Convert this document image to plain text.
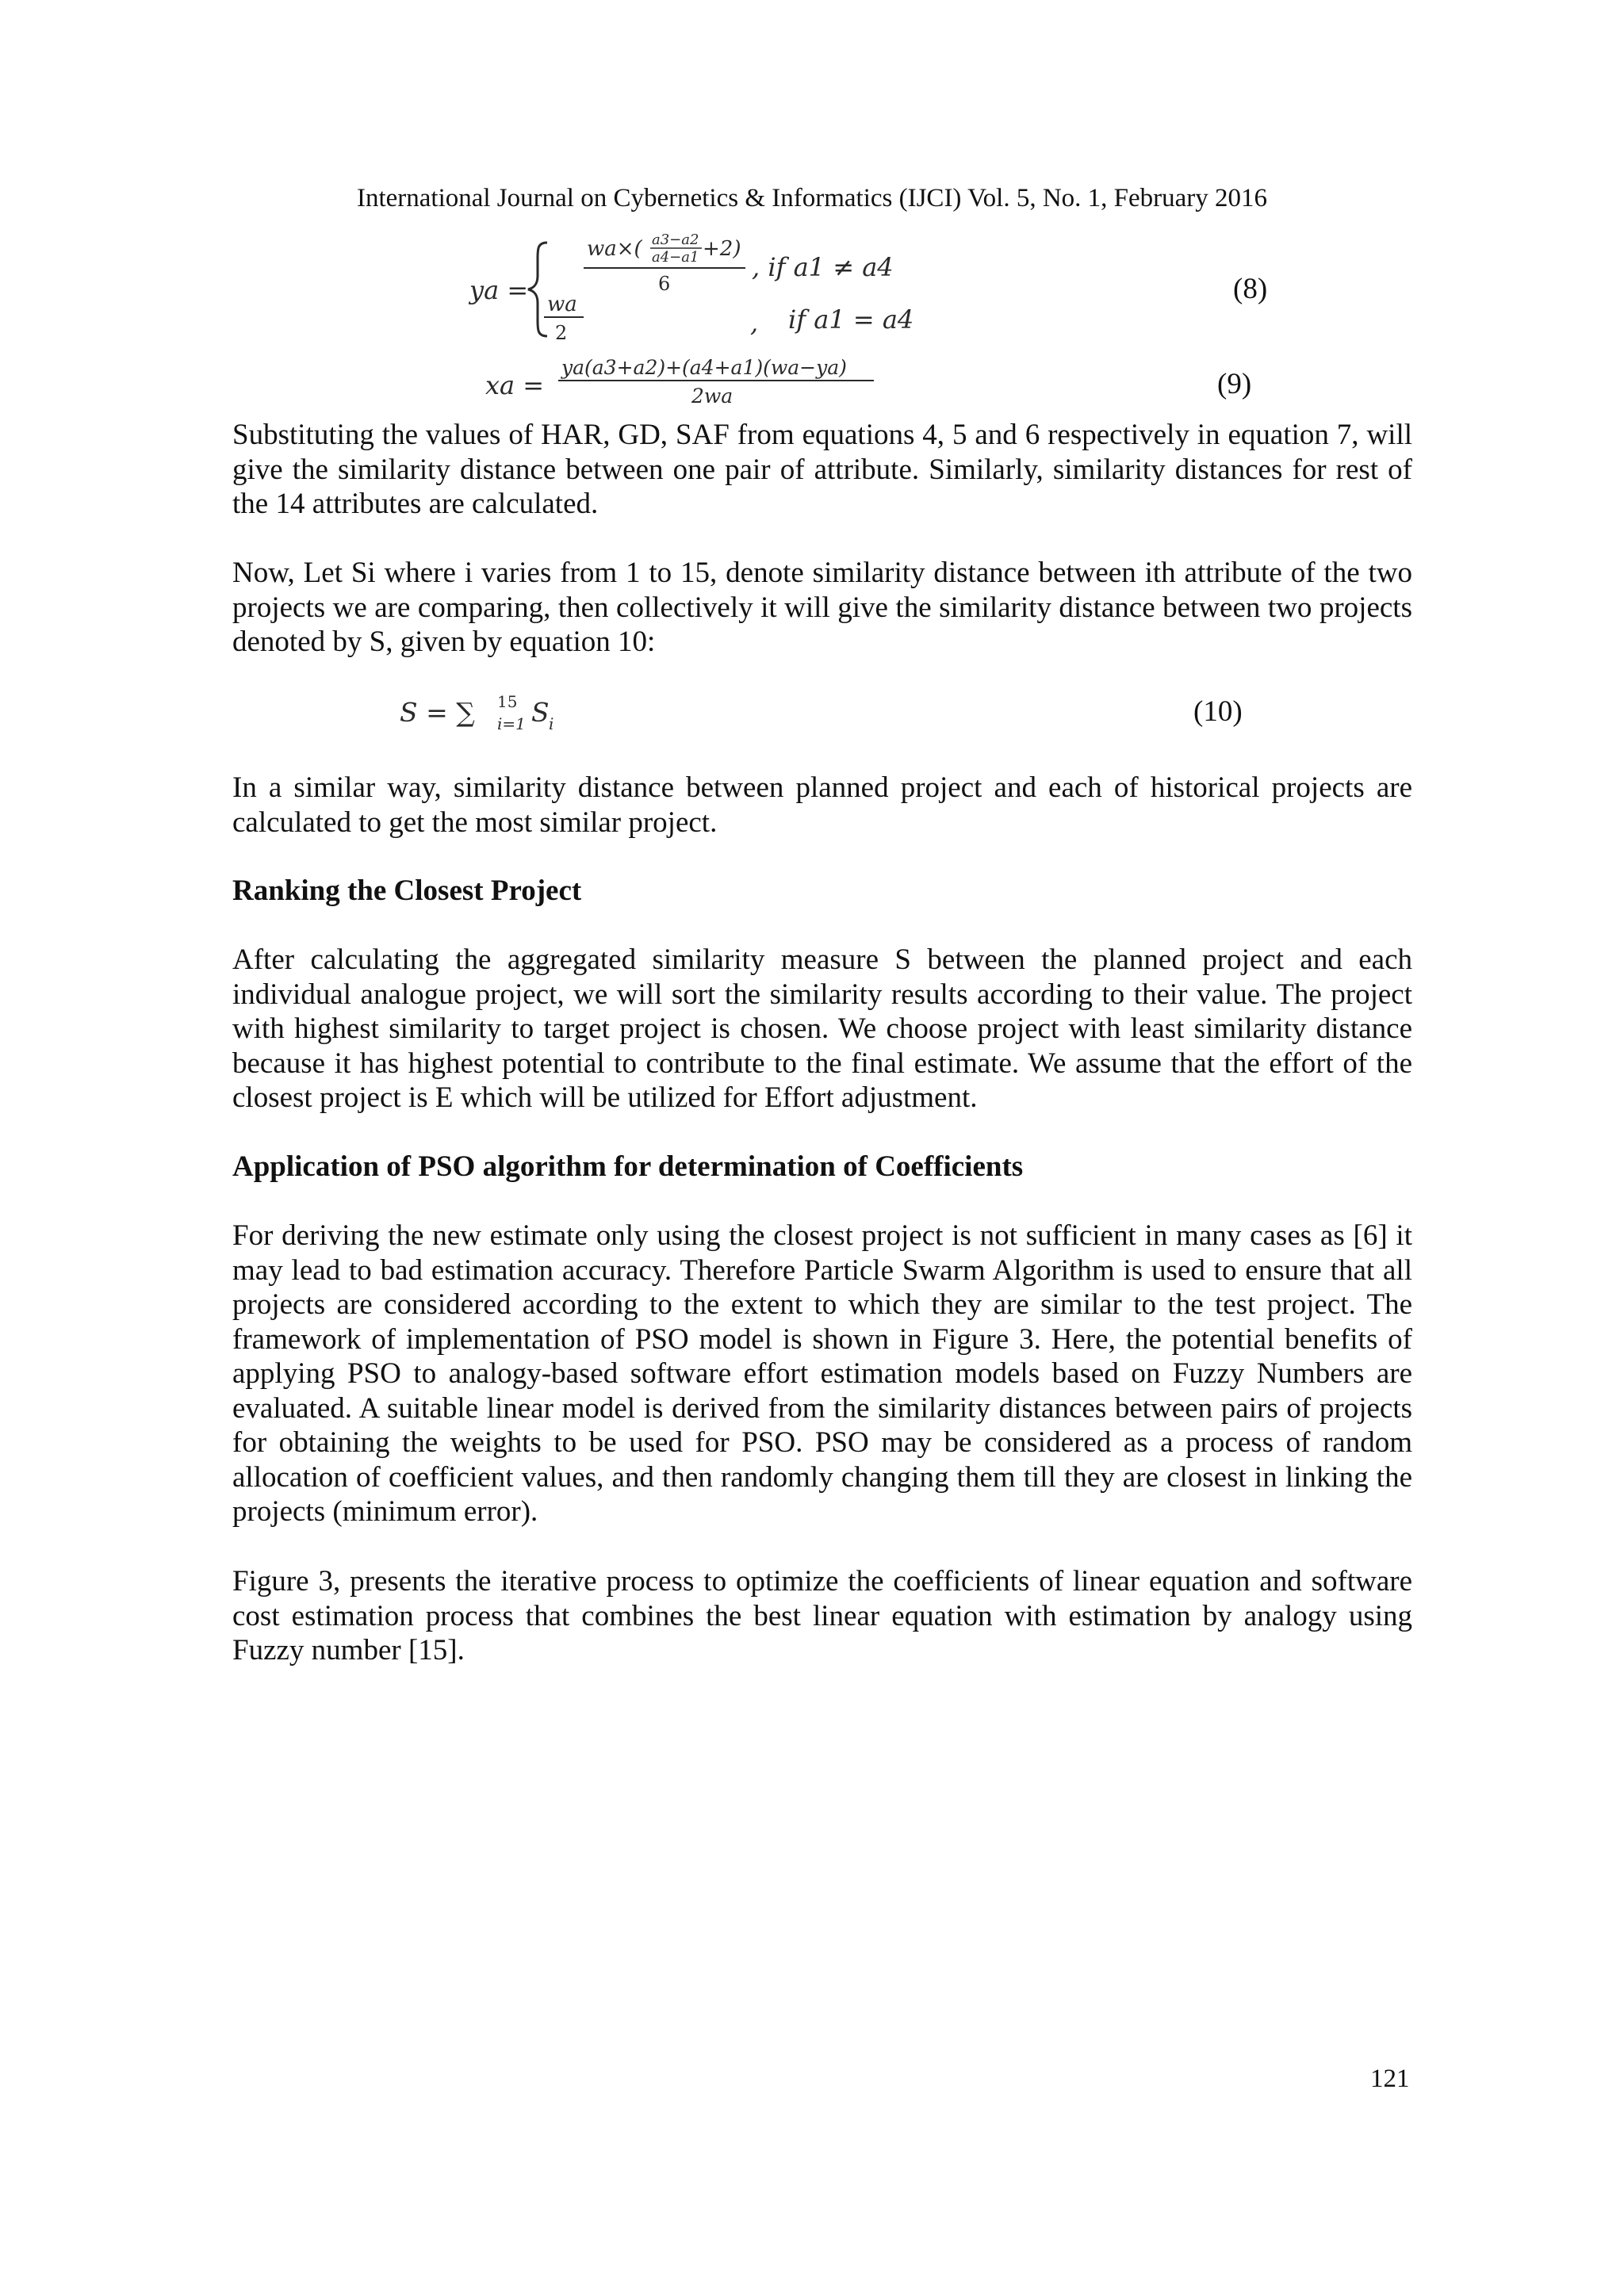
International Journal on Cybernetics & Informatics (IJCI) Vol. 5, No. 1, February 2016
ya =
wa×( a3−a2
a4−a1 +2)
6
, if a1 ≠ a4
wa
2	, if a1 = a4
(8)
xa =
ya(a3+a2)+(a4+a1)(wa−ya)
2wa	(9)
Substituting the values of HAR, GD, SAF from equations 4, 5 and 6 respectively in equation 7, will give the similarity distance between one pair of attribute. Similarly, similarity distances for rest of the 14 attributes are calculated.
Now, Let Si where i varies from 1 to 15, denote similarity distance between ith attribute of the two projects we are comparing, then collectively it will give the similarity distance between two projects denoted by S, given by equation 10:
S = ∑ 15
i=1 S i	(10)
In a similar way, similarity distance between planned project and each of historical projects are calculated to get the most similar project.
Ranking the Closest Project
After calculating the aggregated similarity measure S between the planned project and each individual analogue project, we will sort the similarity results according to their value. The project with highest similarity to target project is chosen. We choose project with least similarity distance because it has highest potential to contribute to the final estimate. We assume that the effort of the closest project is E which will be utilized for Effort adjustment.
Application of PSO algorithm for determination of Coefficients
For deriving the new estimate only using the closest project is not sufficient in many cases as [6] it may lead to bad estimation accuracy. Therefore Particle Swarm Algorithm is used to ensure that all projects are considered according to the extent to which they are similar to the test project. The framework of implementation of PSO model is shown in Figure 3. Here, the potential benefits of applying PSO to analogy-based software effort estimation models based on Fuzzy Numbers are evaluated. A suitable linear model is derived from the similarity distances between pairs of projects for obtaining the weights to be used for PSO. PSO may be considered as a process of random allocation of coefficient values, and then randomly changing them till they are closest in linking the projects (minimum error).
Figure 3, presents the iterative process to optimize the coefficients of linear equation and software cost estimation process that combines the best linear equation with estimation by analogy using Fuzzy number [15].
121
